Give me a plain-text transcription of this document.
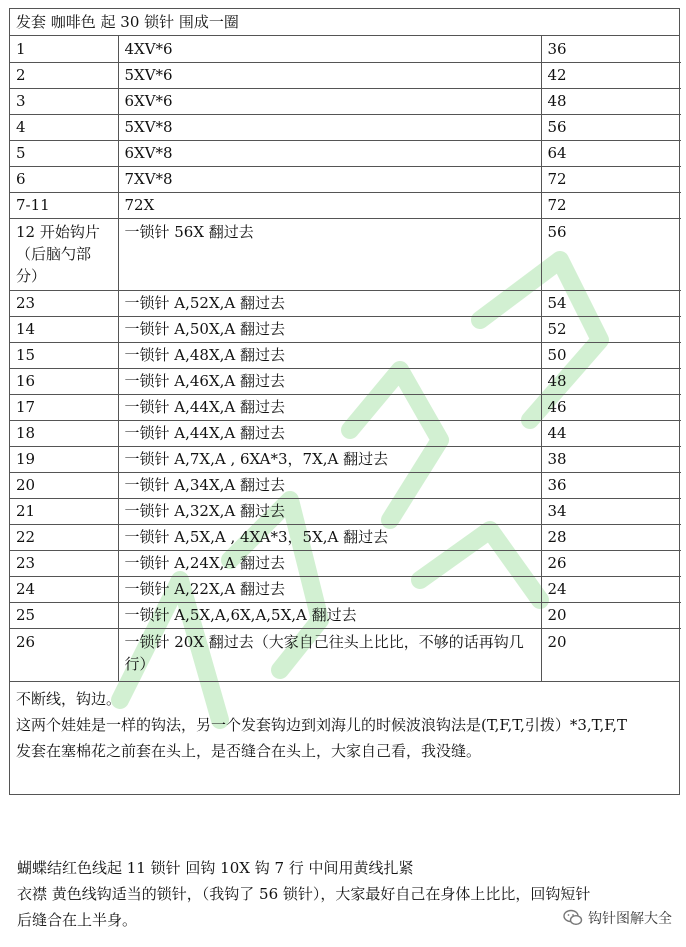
发套 咖啡色 起 30 锁针 围成一圈
1	4XV*6	36
2	5XV*6	42
3	6XV*6	48
4	5XV*8	56
5	6XV*8	64
6	7XV*8	72
7-11	72X	72
12 开始钩片（后脑勺部分）	一锁针 56X 翻过去	56
23	一锁针 A,52X,A 翻过去	54
14	一锁针 A,50X,A 翻过去	52
15	一锁针 A,48X,A 翻过去	50
16	一锁针 A,46X,A 翻过去	48
17	一锁针 A,44X,A 翻过去	46
18	一锁针 A,44X,A 翻过去	44
19	一锁针 A,7X,A , 6XA*3，7X,A 翻过去	38
20	一锁针 A,34X,A 翻过去	36
21	一锁针 A,32X,A 翻过去	34
22	一锁针 A,5X,A , 4XA*3，5X,A 翻过去	28
23	一锁针 A,24X,A 翻过去	26
24	一锁针 A,22X,A 翻过去	24
25	一锁针 A,5X,A,6X,A,5X,A 翻过去	20
26	一锁针 20X 翻过去（大家自己往头上比比，不够的话再钩几行）	20
不断线，钩边。
这两个娃娃是一样的钩法，另一个发套钩边到刘海儿的时候波浪钩法是(T,F,T,引拨）*3,T,F,T
发套在塞棉花之前套在头上，是否缝合在头上，大家自己看，我没缝。
蝴蝶结红色线起 11 锁针 回钩 10X 钩 7 行 中间用黄线扎紧
衣襟 黄色线钩适当的锁针，（我钩了 56 锁针），大家最好自己在身体上比比，回钩短针
后缝合在上半身。	钩针图解大全
